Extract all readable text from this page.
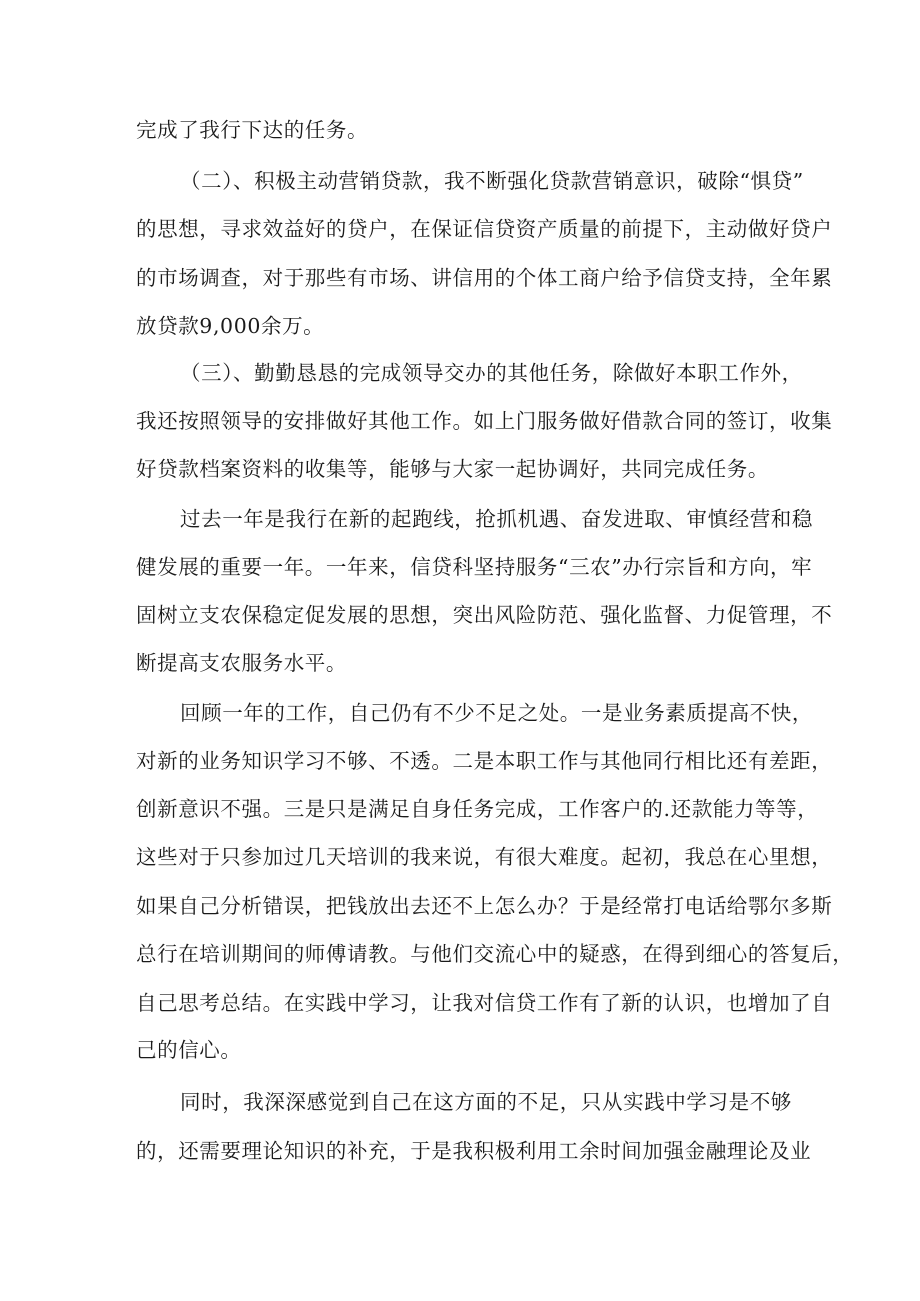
完成了我行下达的任务。
（二）、积极主动营销贷款，我不断强化贷款营销意识，破除“惧贷”
的思想，寻求效益好的贷户，在保证信贷资产质量的前提下，主动做好贷户
的市场调查，对于那些有市场、讲信用的个体工商户给予信贷支持，全年累
放贷款9,000余万。
（三）、勤勤恳恳的完成领导交办的其他任务，除做好本职工作外，
我还按照领导的安排做好其他工作。如上门服务做好借款合同的签订，收集
好贷款档案资料的收集等，能够与大家一起协调好，共同完成任务。
过去一年是我行在新的起跑线，抢抓机遇、奋发进取、审慎经营和稳
健发展的重要一年。一年来，信贷科坚持服务“三农”办行宗旨和方向，牢
固树立支农保稳定促发展的思想，突出风险防范、强化监督、力促管理，不
断提高支农服务水平。
回顾一年的工作，自己仍有不少不足之处。一是业务素质提高不快，
对新的业务知识学习不够、不透。二是本职工作与其他同行相比还有差距，
创新意识不强。三是只是满足自身任务完成，工作客户的.还款能力等等，
这些对于只参加过几天培训的我来说，有很大难度。起初，我总在心里想，
如果自己分析错误，把钱放出去还不上怎么办？于是经常打电话给鄂尔多斯
总行在培训期间的师傅请教。与他们交流心中的疑惑，在得到细心的答复后，
自己思考总结。在实践中学习，让我对信贷工作有了新的认识，也增加了自
己的信心。
同时，我深深感觉到自己在这方面的不足，只从实践中学习是不够
的，还需要理论知识的补充，于是我积极利用工余时间加强金融理论及业
